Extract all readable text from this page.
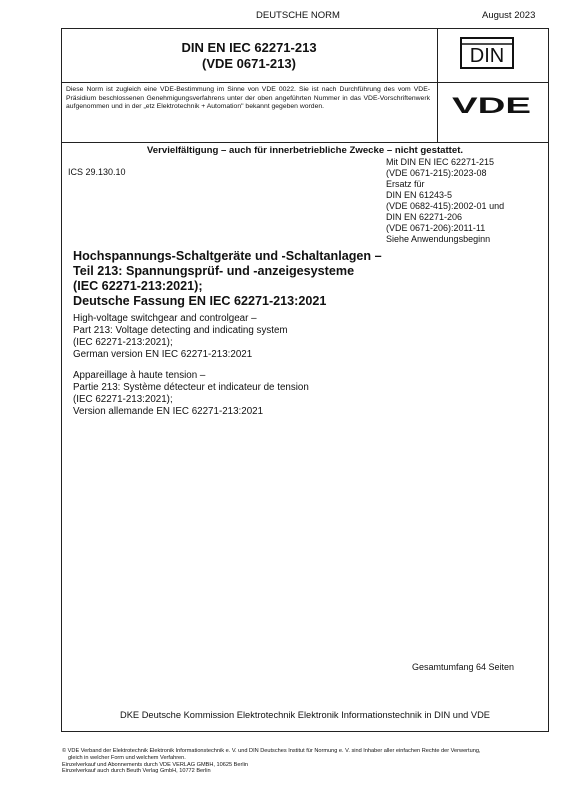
DEUTSCHE NORM	August 2023
DIN EN IEC 62271-213
(VDE 0671-213)	DIN
VDE
Diese Norm ist zugleich eine VDE-Bestimmung im Sinne von VDE 0022. Sie ist nach Durchführung des vom VDE-Präsidium beschlossenen Genehmigungsverfahrens unter der oben angeführten Nummer in das VDE-Vorschriftenwerk aufgenommen und in der „etz Elektrotechnik + Automation" bekannt gegeben worden.
Vervielfältigung – auch für innerbetriebliche Zwecke – nicht gestattet.
ICS 29.130.10
Mit DIN EN IEC 62271-215
(VDE 0671-215):2023-08
Ersatz für
DIN EN 61243-5
(VDE 0682-415):2002-01 und
DIN EN 62271-206
(VDE 0671-206):2011-11
Siehe Anwendungsbeginn
Hochspannungs-Schaltgeräte und -Schaltanlagen –
Teil 213: Spannungsprüf- und -anzeigesysteme
(IEC 62271-213:2021);
Deutsche Fassung EN IEC 62271-213:2021
High-voltage switchgear and controlgear –
Part 213: Voltage detecting and indicating system
(IEC 62271-213:2021);
German version EN IEC 62271-213:2021
Appareillage à haute tension –
Partie 213: Système détecteur et indicateur de tension
(IEC 62271-213:2021);
Version allemande EN IEC 62271-213:2021
Gesamtumfang 64 Seiten
DKE Deutsche Kommission Elektrotechnik Elektronik Informationstechnik in DIN und VDE
© VDE Verband der Elektrotechnik Elektronik Informationstechnik e. V. und DIN Deutsches Institut für Normung e. V. sind Inhaber aller einfachen Rechte der Verwertung,
gleich in welcher Form und welchem Verfahren.
Einzelverkauf und Abonnements durch VDE VERLAG GMBH, 10625 Berlin
Einzelverkauf auch durch Beuth Verlag GmbH, 10772 Berlin
